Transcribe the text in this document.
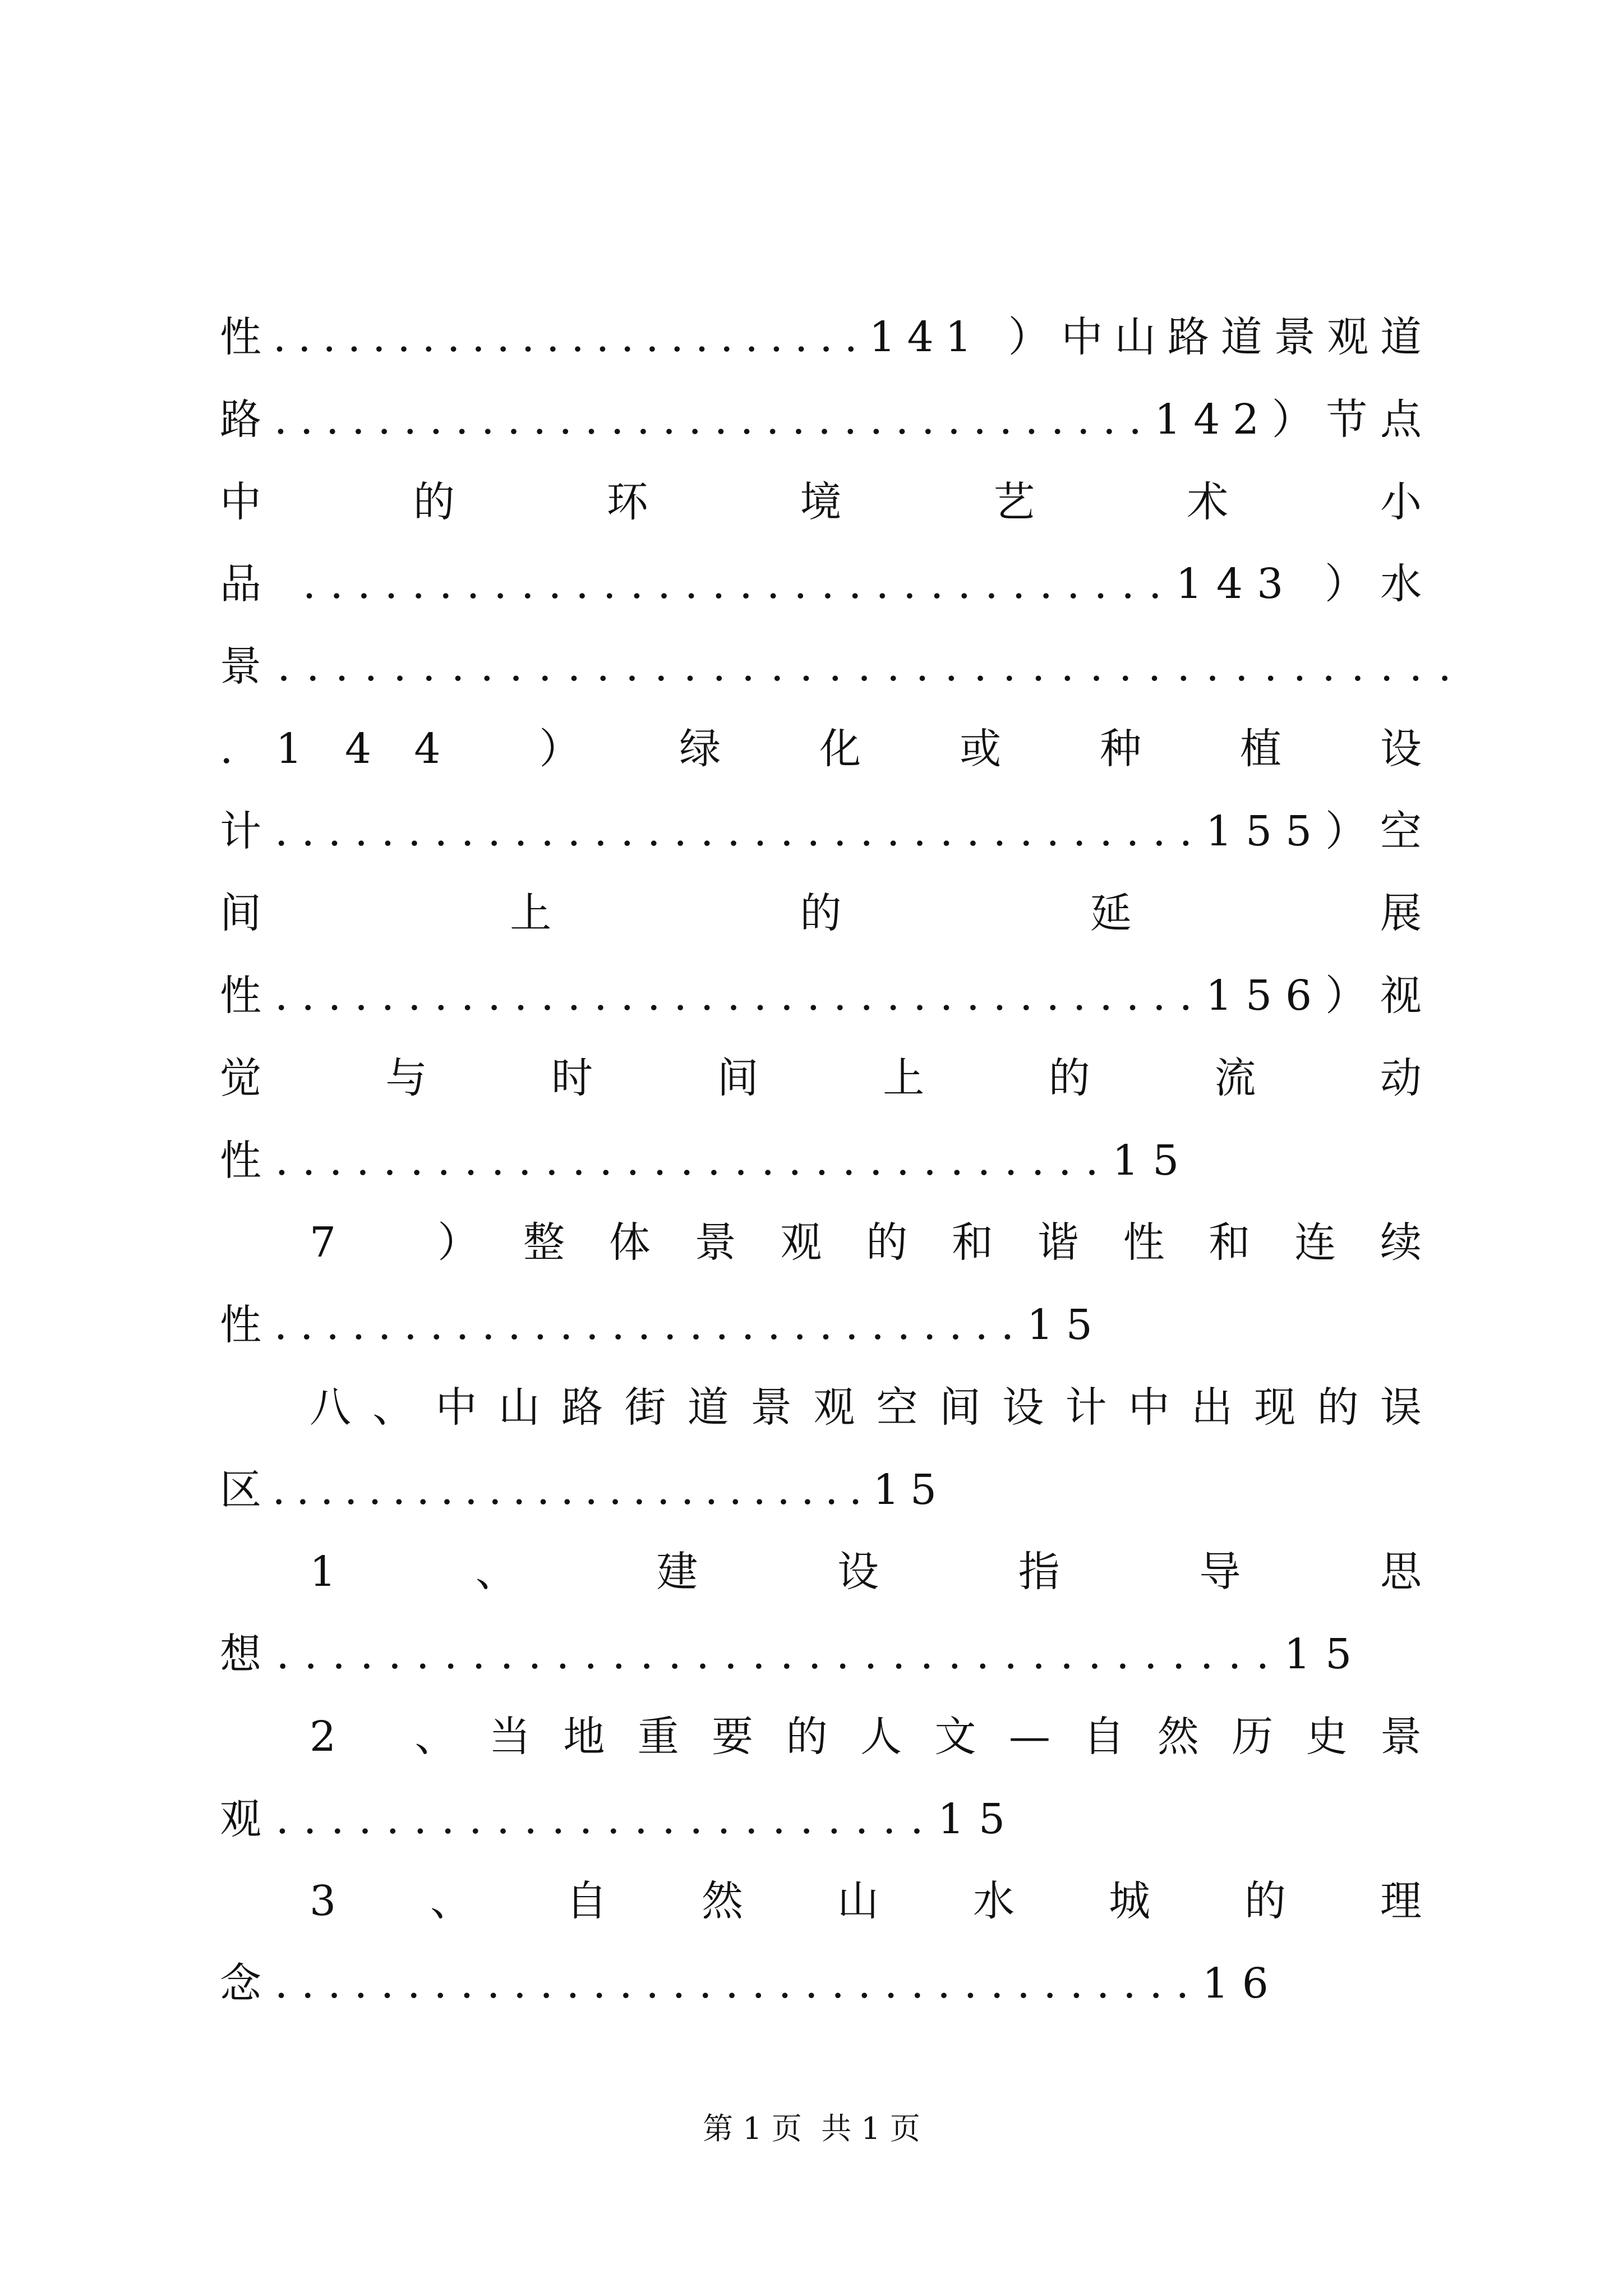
性........................141 ）中山路道景观道
路..................................142）节点
中    的    环    境    艺    术    小
品 ................................143 ）水
景.........................................
.144 ） 绿 化 或 种 植 设
计...................................155）空
间    上    的    延    展
性...................................156）视
觉 与 时 间 上 的 流 动
性...............................15
7 ）整体景观的和谐性和连续
性.............................15
八、中山路街道景观空间设计中出现的误
区.........................15
1 、 建 设 指 导 思
想....................................15
2 、当地重要的人文—自然历史景
观........................15
3 、 自 然 山 水 城 的 理
念...................................16
第 1 页  共 1 页
